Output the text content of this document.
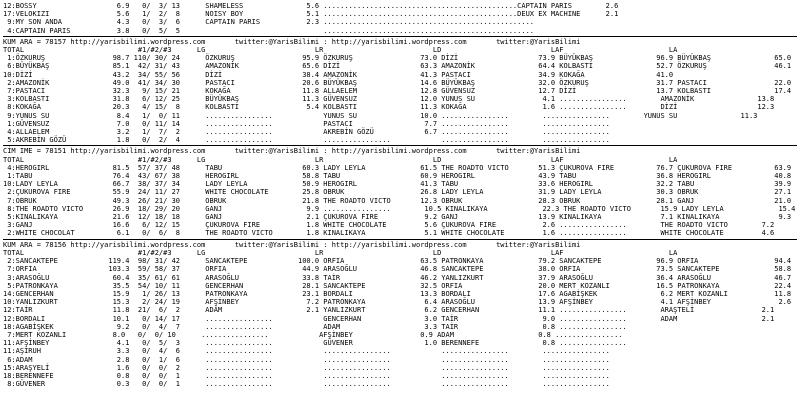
12:BOSSY                   6.9   0/  3/ 13      SHAMELESS               5.6 ..............................................CAPTAIN PARIS        2.6
17:VELOKIZI                5.6   1/  2/  8      NOISY BOY               5.1 ..............................................DEUX EX MACHINE      2.1
9:MY SON ANDA             4.3   0/  3/  6      CAPTAIN PARIS           2.3 ..................................................
4:CAPTAIN PARIS           3.8   0/  5/  5                                  ..................................................
KUM ARA = 78157 http://yarisbilimi.wordpress.com       twitter:@YarisBilimi : http://yarisbilimi.wordpress.com       twitter:@YarisBilimi
TOTAL                           #1/#2/#3      LG                          LR                          LD                          LAF                         LA
1:ÖZKURUŞ                98.7 110/ 30/ 24      ÖZKURUŞ                95.9 ÖZKURUŞ                73.0 DİZİ                   73.9 BÜYÜKBAŞ               96.9 BÜYÜKBAŞ               65.0
6:BÜYÜKBAŞ               85.1  42/ 31/ 43      AMAZONİK               65.6 DİZİ                   63.3 AMAZONİK               64.4 KOLBASTI               52.7 ÖZKURUŞ                46.1
10:DİZİ                   43.2  34/ 55/ 56      DİZİ                   38.4 AMAZONİK               41.3 PASTACI                34.9 KOKAĞA                 41.0
2:AMAZONİK               49.0  41/ 34/ 30      PASTACI                20.6 BÜYÜKBAŞ               14.6 BÜYÜKBAŞ               32.0 ÖZKURUŞ                31.7 PASTACI                22.0
7:PASTACI                32.3   9/ 15/ 21      KOKAĞA                 11.8 ALLAELEM               12.8 GÜVENSUZ               12.7 DİZİ                   13.7 KOLBASTI               17.4
3:KOLBASTI               31.8   6/ 12/ 25      BÜYÜKBAŞ               11.3 GÜVENSUZ               12.0 YUNUS SU                4.1 ................        AMAZONİK               13.8
8:KOKAĞA                 20.3   4/ 15/  8      KOLBASTI                5.4 KOLBASTI               11.3 KOKAĞA                  1.6 ................        DİZİ                   12.3
9:YUNUS SU                8.4   1/  0/ 11      ................            YUNUS SU               10.0 ................        ................        YUNUS SU               11.3
1:GÜVENSUZ                7.0   0/ 11/ 14      ................            PASTACI                 7.7 ................        ................
4:ALLAELEM                3.2   1/  7/  2      ................            AKREBİN GÖZÜ            6.7 ................        ................
5:AKREBİN GÖZÜ            1.8   0/  2/  4      ................            ................            ................        ................
CİM IME = 78151 http://yarisbilimi.wordpress.com       twitter:@YarisBilimi : http://yarisbilimi.wordpress.com       twitter:@YarisBilimi
TOTAL                           #1/#2/#3      LG                          LR                          LD                          LAF                         LA
4:HEROGIRL               81.5  57/ 37/ 48      TABU                   60.3 LADY LEYLA             61.5 THE ROADTO VICTO       51.3 ÇUKUROVA FIRE          76.7 ÇUKUROVA FIRE          63.9
1:TABU                   76.4  43/ 67/ 38      HEROGIRL               58.8 TABU                   60.9 HEROGIRL               43.9 TABU                   36.8 HEROGIRL               40.8
10:LADY LEYLA             66.7  38/ 37/ 34      LADY LEYLA             50.9 HEROGIRL               41.3 TABU                   33.6 HEROGIRL               32.2 TABU                   39.9
2:ÇUKUROVA FIRE          55.9  24/ 11/ 27      WHITE CHOCOLATE        25.8 OBRUK                  26.8 LADY LEYLA             31.9 LADY LEYLA             30.3 OBRUK                  27.1
7:OBRUK                  49.3  26/ 21/ 30      OBRUK                  21.8 THE ROADTO VICTO       12.3 OBRUK                  28.3 OBRUK                  28.1 GANJ                   21.0
8:THE ROADTO VICTO       26.9  18/ 29/ 20      GANJ                    9.9 ................        10.5 KINALIKAYA             22.3 THE ROADTO VICTO       15.9 LADY LEYLA             15.4
5:KINALIKAYA             21.6  12/ 18/ 18      GANJ                    2.1 ÇUKUROVA FIRE           9.2 GANJ                   13.9 KINALIKAYA              7.1 KINALIKAYA              9.3
3:GANJ                   16.6   6/ 12/ 15      ÇUKUROVA FIRE           1.8 WHITE CHOCOLATE         5.6 ÇUKUROVA FIRE           2.6 ................        THE ROADTO VICTO        7.2
2:WHITE CHOCOLAT          6.1   0/  6/  8      THE ROADTO VICTO        1.8 KINALIKAYA              5.1 WHITE CHOCOLATE         1.6 ................        WHITE CHOCOLATE         4.6
KUM ARA = 78156 http://yarisbilimi.wordpress.com       twitter:@YarisBilimi : http://yarisbilimi.wordpress.com       twitter:@YarisBilimi
TOTAL                           #1/#2/#3      LG                          LR                          LD                          LAF                         LA
2:SANCAKTEPE            119.4  98/ 31/ 42      SANCAKTEPE            100.0 ORFIA                  63.5 PATRONKAYA             79.2 SANCAKTEPE             96.9 ORFIA                  94.4
7:ORFIA                 103.3  59/ 58/ 37      ORFIA                  44.9 ARASOĞLU               46.8 SANCAKTEPE             38.0 ORFIA                  73.5 SANCAKTEPE             58.8
3:ARASOĞLU               60.4  35/ 61/ 61      ARASOĞLU               33.8 TAİR                   46.2 YANLIZKURT             37.9 ARASOĞLU               36.4 ARASOĞLU               46.7
5:PATRONKAYA             35.5  54/ 10/ 11      GENCERHAN              28.1 SANCAKTEPE             32.5 ORFIA                  20.0 MERT KOZANLI           16.5 PATRONKAYA             22.4
14:GENCERHAN              15.9   1/ 26/ 13      PATRONKAYA             23.1 BORDALI                13.3 BORDALI                17.6 AGABİŞKEK               6.2 MERT KOZANLI           11.8
10:YANLIZKURT             15.3   2/ 24/ 19      AFŞİNBEY                7.2 PATRONKAYA              6.4 ARASOĞLU               13.9 AFŞİNBEY                4.1 AFŞİNBEY                2.6
12:TAİR                   11.8  21/  6/  2      ADÂM                    2.1 YANLIZKURT              6.2 GENCERHAN              11.1 ................        ARAŞTELİ                2.1
12:BORDALI                10.1   0/ 14/ 17      ................            GENCERHAN               3.0 TAİR                    9.0 ................        ADAM                    2.1
18:AGABİŞKEK               9.2   0/  4/  7      ................            ADAM                    3.3 TAİR                    0.8 ................
7:MERT KOZANLI           8.0   0/  0/ 10      ................            AFŞİNBEY                0.9 ADAM                    0.8 ................
11:AFŞİNBEY                4.1   0/  5/  3      ................            GÜVENER                 1.0 BERENNEFE               0.8 ................
11:AŞİRUH                  3.3   0/  4/  6      ................            ................            ................        ................
6:ADAM                    2.8   0/  1/  6      ................            ................            ................        ................
15:ARAŞYELİ                1.6   0/  0/  2      ................            ................            ................        ................
18:BERENNEFE               0.8   0/  0/  1      ................            ................            ................        ................
8:GÜVENER                 0.3   0/  0/  1      ................            ................            ................        ................
